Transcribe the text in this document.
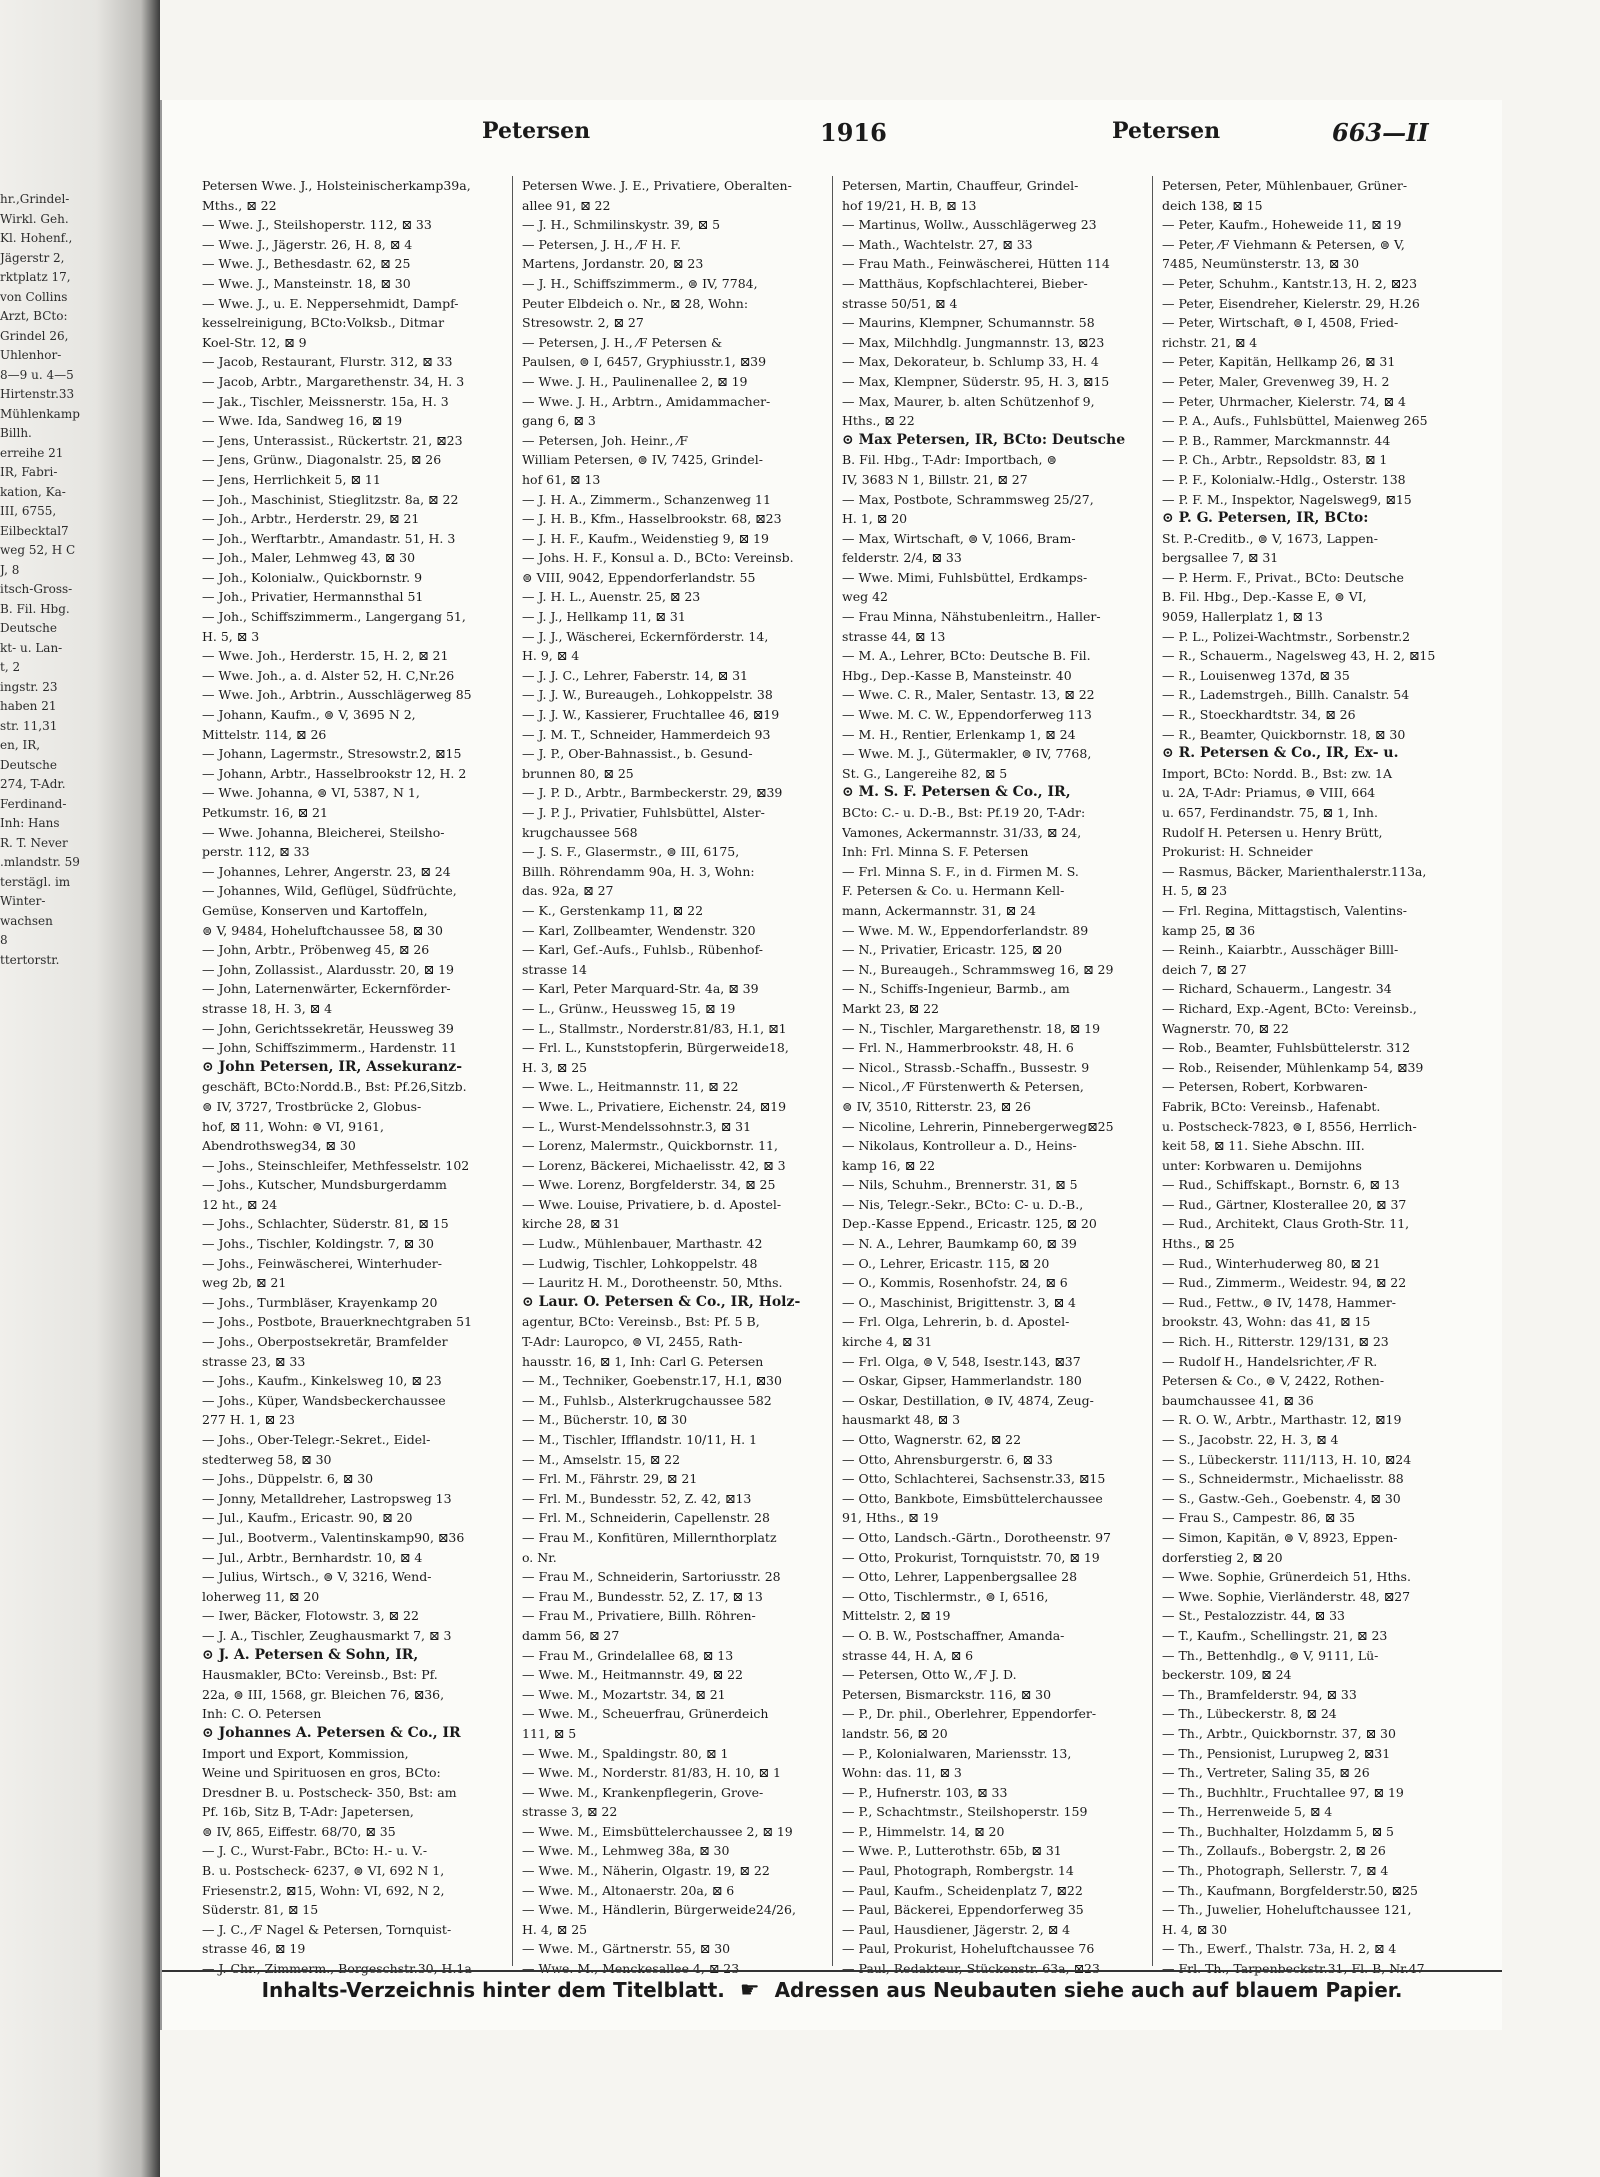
hr.,Grindel-
Wirkl. Geh.
Kl. Hohenf.,
Jägerstr 2,
rktplatz 17,
von Collins
Arzt, BCto:
Grindel 26,
Uhlenhor-
8—9 u. 4—5
Hirtenstr.33
Mühlenkamp
Billh.
erreihe 21
IR, Fabri-
kation, Ka-
III, 6755,
Eilbecktal7
weg 52, H C
J, 8
itsch-Gross-
B. Fil. Hbg.
Deutsche
kt- u. Lan-
t, 2
ingstr. 23
haben 21
str. 11,31
en, IR,
Deutsche
274, T-Adr.
Ferdinand-
Inh: Hans
R. T. Never
.mlandstr. 59
terstägl. im
Winter-
wachsen
8
ttertorstr.
Petersen	1916	Petersen	663—II
Petersen Wwe. J., Holsteinischerkamp39a,
Mths., ⊠ 22
— Wwe. J., Steilshoperstr. 112, ⊠ 33
— Wwe. J., Jägerstr. 26, H. 8, ⊠ 4
— Wwe. J., Bethesdastr. 62, ⊠ 25
— Wwe. J., Mansteinstr. 18, ⊠ 30
— Wwe. J., u. E. Neppersehmidt, Dampf-
kesselreinigung, BCto:Volksb., Ditmar
Koel-Str. 12, ⊠ 9
— Jacob, Restaurant, Flurstr. 312, ⊠ 33
— Jacob, Arbtr., Margarethenstr. 34, H. 3
— Jak., Tischler, Meissnerstr. 15a, H. 3
— Wwe. Ida, Sandweg 16, ⊠ 19
— Jens, Unterassist., Rückertstr. 21, ⊠23
— Jens, Grünw., Diagonalstr. 25, ⊠ 26
— Jens, Herrlichkeit 5, ⊠ 11
— Joh., Maschinist, Stieglitzstr. 8a, ⊠ 22
— Joh., Arbtr., Herderstr. 29, ⊠ 21
— Joh., Werftarbtr., Amandastr. 51, H. 3
— Joh., Maler, Lehmweg 43, ⊠ 30
— Joh., Kolonialw., Quickbornstr. 9
— Joh., Privatier, Hermannsthal 51
— Joh., Schiffszimmerm., Langergang 51,
H. 5, ⊠ 3
— Wwe. Joh., Herderstr. 15, H. 2, ⊠ 21
— Wwe. Joh., a. d. Alster 52, H. C,Nr.26
— Wwe. Joh., Arbtrin., Ausschlägerweg 85
— Johann, Kaufm., ⊜ V, 3695 N 2,
Mittelstr. 114, ⊠ 26
— Johann, Lagermstr., Stresowstr.2, ⊠15
— Johann, Arbtr., Hasselbrookstr 12, H. 2
— Wwe. Johanna, ⊜ VI, 5387, N 1,
Petkumstr. 16, ⊠ 21
— Wwe. Johanna, Bleicherei, Steilsho-
perstr. 112, ⊠ 33
— Johannes, Lehrer, Angerstr. 23, ⊠ 24
— Johannes, Wild, Geflügel, Südfrüchte,
Gemüse, Konserven und Kartoffeln,
⊜ V, 9484, Hoheluftchaussee 58, ⊠ 30
— John, Arbtr., Pröbenweg 45, ⊠ 26
— John, Zollassist., Alardusstr. 20, ⊠ 19
— John, Laternenwärter, Eckernförder-
strasse 18, H. 3, ⊠ 4
— John, Gerichtssekretär, Heussweg 39
— John, Schiffszimmerm., Hardenstr. 11
⊙ John Petersen, IR, Assekuranz-
geschäft, BCto:Nordd.B., Bst: Pf.26,Sitzb.
⊜ IV, 3727, Trostbrücke 2, Globus-
hof, ⊠ 11, Wohn: ⊜ VI, 9161,
Abendrothsweg34, ⊠ 30
— Johs., Steinschleifer, Methfesselstr. 102
— Johs., Kutscher, Mundsburgerdamm
12 ht., ⊠ 24
— Johs., Schlachter, Süderstr. 81, ⊠ 15
— Johs., Tischler, Koldingstr. 7, ⊠ 30
— Johs., Feinwäscherei, Winterhuder-
weg 2b, ⊠ 21
— Johs., Turmbläser, Krayenkamp 20
— Johs., Postbote, Brauerknechtgraben 51
— Johs., Oberpostsekretär, Bramfelder
strasse 23, ⊠ 33
— Johs., Kaufm., Kinkelsweg 10, ⊠ 23
— Johs., Küper, Wandsbeckerchaussee
277 H. 1, ⊠ 23
— Johs., Ober-Telegr.-Sekret., Eidel-
stedterweg 58, ⊠ 30
— Johs., Düppelstr. 6, ⊠ 30
— Jonny, Metalldreher, Lastropsweg 13
— Jul., Kaufm., Ericastr. 90, ⊠ 20
— Jul., Bootverm., Valentinskamp90, ⊠36
— Jul., Arbtr., Bernhardstr. 10, ⊠ 4
— Julius, Wirtsch., ⊜ V, 3216, Wend-
loherweg 11, ⊠ 20
— Iwer, Bäcker, Flotowstr. 3, ⊠ 22
— J. A., Tischler, Zeughausmarkt 7, ⊠ 3
⊙ J. A. Petersen & Sohn, IR,
Hausmakler, BCto: Vereinsb., Bst: Pf.
22a, ⊜ III, 1568, gr. Bleichen 76, ⊠36,
Inh: C. O. Petersen
⊙ Johannes A. Petersen & Co., IR
Import und Export, Kommission,
Weine und Spirituosen en gros, BCto:
Dresdner B. u. Postscheck- 350, Bst: am
Pf. 16b, Sitz B, T-Adr: Japetersen,
⊜ IV, 865, Eiffestr. 68/70, ⊠ 35
— J. C., Wurst-Fabr., BCto: H.- u. V.-
B. u. Postscheck- 6237, ⊜ VI, 692 N 1,
Friesenstr.2, ⊠15, Wohn: VI, 692, N 2,
Süderstr. 81, ⊠ 15
— J. C., ⁄F Nagel & Petersen, Tornquist-
strasse 46, ⊠ 19
— J. Chr., Zimmerm., Borgeschstr.30, H.1a
Petersen Wwe. J. E., Privatiere, Oberalten-
allee 91, ⊠ 22
— J. H., Schmilinskystr. 39, ⊠ 5
— Petersen, J. H., ⁄F H. F.
Martens, Jordanstr. 20, ⊠ 23
— J. H., Schiffszimmerm., ⊜ IV, 7784,
Peuter Elbdeich o. Nr., ⊠ 28, Wohn:
Stresowstr. 2, ⊠ 27
— Petersen, J. H., ⁄F Petersen &
Paulsen, ⊜ I, 6457, Gryphiusstr.1, ⊠39
— Wwe. J. H., Paulinenallee 2, ⊠ 19
— Wwe. J. H., Arbtrn., Amidammacher-
gang 6, ⊠ 3
— Petersen, Joh. Heinr., ⁄F
William Petersen, ⊜ IV, 7425, Grindel-
hof 61, ⊠ 13
— J. H. A., Zimmerm., Schanzenweg 11
— J. H. B., Kfm., Hasselbrookstr. 68, ⊠23
— J. H. F., Kaufm., Weidenstieg 9, ⊠ 19
— Johs. H. F., Konsul a. D., BCto: Vereinsb.
⊜ VIII, 9042, Eppendorferlandstr. 55
— J. H. L., Auenstr. 25, ⊠ 23
— J. J., Hellkamp 11, ⊠ 31
— J. J., Wäscherei, Eckernförderstr. 14,
H. 9, ⊠ 4
— J. J. C., Lehrer, Faberstr. 14, ⊠ 31
— J. J. W., Bureaugeh., Lohkoppelstr. 38
— J. J. W., Kassierer, Fruchtallee 46, ⊠19
— J. M. T., Schneider, Hammerdeich 93
— J. P., Ober-Bahnassist., b. Gesund-
brunnen 80, ⊠ 25
— J. P. D., Arbtr., Barmbeckerstr. 29, ⊠39
— J. P. J., Privatier, Fuhlsbüttel, Alster-
krugchaussee 568
— J. S. F., Glasermstr., ⊜ III, 6175,
Billh. Röhrendamm 90a, H. 3, Wohn:
das. 92a, ⊠ 27
— K., Gerstenkamp 11, ⊠ 22
— Karl, Zollbeamter, Wendenstr. 320
— Karl, Gef.-Aufs., Fuhlsb., Rübenhof-
strasse 14
— Karl, Peter Marquard-Str. 4a, ⊠ 39
— L., Grünw., Heussweg 15, ⊠ 19
— L., Stallmstr., Norderstr.81/83, H.1, ⊠1
— Frl. L., Kunststopferin, Bürgerweide18,
H. 3, ⊠ 25
— Wwe. L., Heitmannstr. 11, ⊠ 22
— Wwe. L., Privatiere, Eichenstr. 24, ⊠19
— L., Wurst-Mendelssohnstr.3, ⊠ 31
— Lorenz, Malermstr., Quickbornstr. 11,
— Lorenz, Bäckerei, Michaelisstr. 42, ⊠ 3
— Wwe. Lorenz, Borgfelderstr. 34, ⊠ 25
— Wwe. Louise, Privatiere, b. d. Apostel-
kirche 28, ⊠ 31
— Ludw., Mühlenbauer, Marthastr. 42
— Ludwig, Tischler, Lohkoppelstr. 48
— Lauritz H. M., Dorotheenstr. 50, Mths.
⊙ Laur. O. Petersen & Co., IR, Holz-
agentur, BCto: Vereinsb., Bst: Pf. 5 B,
T-Adr: Lauropco, ⊜ VI, 2455, Rath-
hausstr. 16, ⊠ 1, Inh: Carl G. Petersen
— M., Techniker, Goebenstr.17, H.1, ⊠30
— M., Fuhlsb., Alsterkrugchaussee 582
— M., Bücherstr. 10, ⊠ 30
— M., Tischler, Ifflandstr. 10/11, H. 1
— M., Amselstr. 15, ⊠ 22
— Frl. M., Fährstr. 29, ⊠ 21
— Frl. M., Bundesstr. 52, Z. 42, ⊠13
— Frl. M., Schneiderin, Capellenstr. 28
— Frau M., Konfitüren, Millernthorplatz
o. Nr.
— Frau M., Schneiderin, Sartoriusstr. 28
— Frau M., Bundesstr. 52, Z. 17, ⊠ 13
— Frau M., Privatiere, Billh. Röhren-
damm 56, ⊠ 27
— Frau M., Grindelallee 68, ⊠ 13
— Wwe. M., Heitmannstr. 49, ⊠ 22
— Wwe. M., Mozartstr. 34, ⊠ 21
— Wwe. M., Scheuerfrau, Grünerdeich
111, ⊠ 5
— Wwe. M., Spaldingstr. 80, ⊠ 1
— Wwe. M., Norderstr. 81/83, H. 10, ⊠ 1
— Wwe. M., Krankenpflegerin, Grove-
strasse 3, ⊠ 22
— Wwe. M., Eimsbüttelerchaussee 2, ⊠ 19
— Wwe. M., Lehmweg 38a, ⊠ 30
— Wwe. M., Näherin, Olgastr. 19, ⊠ 22
— Wwe. M., Altonaerstr. 20a, ⊠ 6
— Wwe. M., Händlerin, Bürgerweide24/26,
H. 4, ⊠ 25
— Wwe. M., Gärtnerstr. 55, ⊠ 30
— Wwe. M., Menckesallee 4, ⊠ 23
Petersen, Martin, Chauffeur, Grindel-
hof 19/21, H. B, ⊠ 13
— Martinus, Wollw., Ausschlägerweg 23
— Math., Wachtelstr. 27, ⊠ 33
— Frau Math., Feinwäscherei, Hütten 114
— Matthäus, Kopfschlachterei, Bieber-
strasse 50/51, ⊠ 4
— Maurins, Klempner, Schumannstr. 58
— Max, Milchhdlg. Jungmannstr. 13, ⊠23
— Max, Dekorateur, b. Schlump 33, H. 4
— Max, Klempner, Süderstr. 95, H. 3, ⊠15
— Max, Maurer, b. alten Schützenhof 9,
Hths., ⊠ 22
⊙ Max Petersen, IR, BCto: Deutsche
B. Fil. Hbg., T-Adr: Importbach, ⊜
IV, 3683 N 1, Billstr. 21, ⊠ 27
— Max, Postbote, Schrammsweg 25/27,
H. 1, ⊠ 20
— Max, Wirtschaft, ⊜ V, 1066, Bram-
felderstr. 2/4, ⊠ 33
— Wwe. Mimi, Fuhlsbüttel, Erdkamps-
weg 42
— Frau Minna, Nähstubenleitrn., Haller-
strasse 44, ⊠ 13
— M. A., Lehrer, BCto: Deutsche B. Fil.
Hbg., Dep.-Kasse B, Mansteinstr. 40
— Wwe. C. R., Maler, Sentastr. 13, ⊠ 22
— Wwe. M. C. W., Eppendorferweg 113
— M. H., Rentier, Erlenkamp 1, ⊠ 24
— Wwe. M. J., Gütermakler, ⊜ IV, 7768,
St. G., Langereihe 82, ⊠ 5
⊙ M. S. F. Petersen & Co., IR,
BCto: C.- u. D.-B., Bst: Pf.19 20, T-Adr:
Vamones, Ackermannstr. 31/33, ⊠ 24,
Inh: Frl. Minna S. F. Petersen
— Frl. Minna S. F., in d. Firmen M. S.
F. Petersen & Co. u. Hermann Kell-
mann, Ackermannstr. 31, ⊠ 24
— Wwe. M. W., Eppendorferlandstr. 89
— N., Privatier, Ericastr. 125, ⊠ 20
— N., Bureaugeh., Schrammsweg 16, ⊠ 29
— N., Schiffs-Ingenieur, Barmb., am
Markt 23, ⊠ 22
— N., Tischler, Margarethenstr. 18, ⊠ 19
— Frl. N., Hammerbrookstr. 48, H. 6
— Nicol., Strassb.-Schaffn., Bussestr. 9
— Nicol., ⁄F Fürstenwerth & Petersen,
⊜ IV, 3510, Ritterstr. 23, ⊠ 26
— Nicoline, Lehrerin, Pinnebergerweg⊠25
— Nikolaus, Kontrolleur a. D., Heins-
kamp 16, ⊠ 22
— Nils, Schuhm., Brennerstr. 31, ⊠ 5
— Nis, Telegr.-Sekr., BCto: C- u. D.-B.,
Dep.-Kasse Eppend., Ericastr. 125, ⊠ 20
— N. A., Lehrer, Baumkamp 60, ⊠ 39
— O., Lehrer, Ericastr. 115, ⊠ 20
— O., Kommis, Rosenhofstr. 24, ⊠ 6
— O., Maschinist, Brigittenstr. 3, ⊠ 4
— Frl. Olga, Lehrerin, b. d. Apostel-
kirche 4, ⊠ 31
— Frl. Olga, ⊜ V, 548, Isestr.143, ⊠37
— Oskar, Gipser, Hammerlandstr. 180
— Oskar, Destillation, ⊜ IV, 4874, Zeug-
hausmarkt 48, ⊠ 3
— Otto, Wagnerstr. 62, ⊠ 22
— Otto, Ahrensburgerstr. 6, ⊠ 33
— Otto, Schlachterei, Sachsenstr.33, ⊠15
— Otto, Bankbote, Eimsbüttelerchaussee
91, Hths., ⊠ 19
— Otto, Landsch.-Gärtn., Dorotheenstr. 97
— Otto, Prokurist, Tornquiststr. 70, ⊠ 19
— Otto, Lehrer, Lappenbergsallee 28
— Otto, Tischlermstr., ⊜ I, 6516,
Mittelstr. 2, ⊠ 19
— O. B. W., Postschaffner, Amanda-
strasse 44, H. A, ⊠ 6
— Petersen, Otto W., ⁄F J. D.
Petersen, Bismarckstr. 116, ⊠ 30
— P., Dr. phil., Oberlehrer, Eppendorfer-
landstr. 56, ⊠ 20
— P., Kolonialwaren, Mariensstr. 13,
Wohn: das. 11, ⊠ 3
— P., Hufnerstr. 103, ⊠ 33
— P., Schachtmstr., Steilshoperstr. 159
— P., Himmelstr. 14, ⊠ 20
— Wwe. P., Lutterothstr. 65b, ⊠ 31
— Paul, Photograph, Rombergstr. 14
— Paul, Kaufm., Scheidenplatz 7, ⊠22
— Paul, Bäckerei, Eppendorferweg 35
— Paul, Hausdiener, Jägerstr. 2, ⊠ 4
— Paul, Prokurist, Hoheluftchaussee 76
— Paul, Redakteur, Stückenstr. 63a, ⊠23
Petersen, Peter, Mühlenbauer, Grüner-
deich 138, ⊠ 15
— Peter, Kaufm., Hoheweide 11, ⊠ 19
— Peter, ⁄F Viehmann & Petersen, ⊜ V,
7485, Neumünsterstr. 13, ⊠ 30
— Peter, Schuhm., Kantstr.13, H. 2, ⊠23
— Peter, Eisendreher, Kielerstr. 29, H.26
— Peter, Wirtschaft, ⊜ I, 4508, Fried-
richstr. 21, ⊠ 4
— Peter, Kapitän, Hellkamp 26, ⊠ 31
— Peter, Maler, Grevenweg 39, H. 2
— Peter, Uhrmacher, Kielerstr. 74, ⊠ 4
— P. A., Aufs., Fuhlsbüttel, Maienweg 265
— P. B., Rammer, Marckmannstr. 44
— P. Ch., Arbtr., Repsoldstr. 83, ⊠ 1
— P. F., Kolonialw.-Hdlg., Osterstr. 138
— P. F. M., Inspektor, Nagelsweg9, ⊠15
⊙ P. G. Petersen, IR, BCto:
St. P.-Creditb., ⊜ V, 1673, Lappen-
bergsallee 7, ⊠ 31
— P. Herm. F., Privat., BCto: Deutsche
B. Fil. Hbg., Dep.-Kasse E, ⊜ VI,
9059, Hallerplatz 1, ⊠ 13
— P. L., Polizei-Wachtmstr., Sorbenstr.2
— R., Schauerm., Nagelsweg 43, H. 2, ⊠15
— R., Louisenweg 137d, ⊠ 35
— R., Lademstrgeh., Billh. Canalstr. 54
— R., Stoeckhardtstr. 34, ⊠ 26
— R., Beamter, Quickbornstr. 18, ⊠ 30
⊙ R. Petersen & Co., IR, Ex- u.
Import, BCto: Nordd. B., Bst: zw. 1A
u. 2A, T-Adr: Priamus, ⊜ VIII, 664
u. 657, Ferdinandstr. 75, ⊠ 1, Inh.
Rudolf H. Petersen u. Henry Brütt,
Prokurist: H. Schneider
— Rasmus, Bäcker, Marienthalerstr.113a,
H. 5, ⊠ 23
— Frl. Regina, Mittagstisch, Valentins-
kamp 25, ⊠ 36
— Reinh., Kaiarbtr., Ausschäger Billl-
deich 7, ⊠ 27
— Richard, Schauerm., Langestr. 34
— Richard, Exp.-Agent, BCto: Vereinsb.,
Wagnerstr. 70, ⊠ 22
— Rob., Beamter, Fuhlsbüttelerstr. 312
— Rob., Reisender, Mühlenkamp 54, ⊠39
— Petersen, Robert, Korbwaren-
Fabrik, BCto: Vereinsb., Hafenabt.
u. Postscheck-7823, ⊜ I, 8556, Herrlich-
keit 58, ⊠ 11. Siehe Abschn. III.
unter: Korbwaren u. Demijohns
— Rud., Schiffskapt., Bornstr. 6, ⊠ 13
— Rud., Gärtner, Klosterallee 20, ⊠ 37
— Rud., Architekt, Claus Groth-Str. 11,
Hths., ⊠ 25
— Rud., Winterhuderweg 80, ⊠ 21
— Rud., Zimmerm., Weidestr. 94, ⊠ 22
— Rud., Fettw., ⊜ IV, 1478, Hammer-
brookstr. 43, Wohn: das 41, ⊠ 15
— Rich. H., Ritterstr. 129/131, ⊠ 23
— Rudolf H., Handelsrichter, ⁄F R.
Petersen & Co., ⊜ V, 2422, Rothen-
baumchaussee 41, ⊠ 36
— R. O. W., Arbtr., Marthastr. 12, ⊠19
— S., Jacobstr. 22, H. 3, ⊠ 4
— S., Lübeckerstr. 111/113, H. 10, ⊠24
— S., Schneidermstr., Michaelisstr. 88
— S., Gastw.-Geh., Goebenstr. 4, ⊠ 30
— Frau S., Campestr. 86, ⊠ 35
— Simon, Kapitän, ⊜ V, 8923, Eppen-
dorferstieg 2, ⊠ 20
— Wwe. Sophie, Grünerdeich 51, Hths.
— Wwe. Sophie, Vierländerstr. 48, ⊠27
— St., Pestalozzistr. 44, ⊠ 33
— T., Kaufm., Schellingstr. 21, ⊠ 23
— Th., Bettenhdlg., ⊜ V, 9111, Lü-
beckerstr. 109, ⊠ 24
— Th., Bramfelderstr. 94, ⊠ 33
— Th., Lübeckerstr. 8, ⊠ 24
— Th., Arbtr., Quickbornstr. 37, ⊠ 30
— Th., Pensionist, Lurupweg 2, ⊠31
— Th., Vertreter, Saling 35, ⊠ 26
— Th., Buchhltr., Fruchtallee 97, ⊠ 19
— Th., Herrenweide 5, ⊠ 4
— Th., Buchhalter, Holzdamm 5, ⊠ 5
— Th., Zollaufs., Bobergstr. 2, ⊠ 26
— Th., Photograph, Sellerstr. 7, ⊠ 4
— Th., Kaufmann, Borgfelderstr.50, ⊠25
— Th., Juwelier, Hoheluftchaussee 121,
H. 4, ⊠ 30
— Th., Ewerf., Thalstr. 73a, H. 2, ⊠ 4
— Frl. Th., Tarpenbeckstr.31, Fl. B, Nr.47
Inhalts-Verzeichnis hinter dem Titelblatt. ☛ Adressen aus Neubauten siehe auch auf blauem Papier.
